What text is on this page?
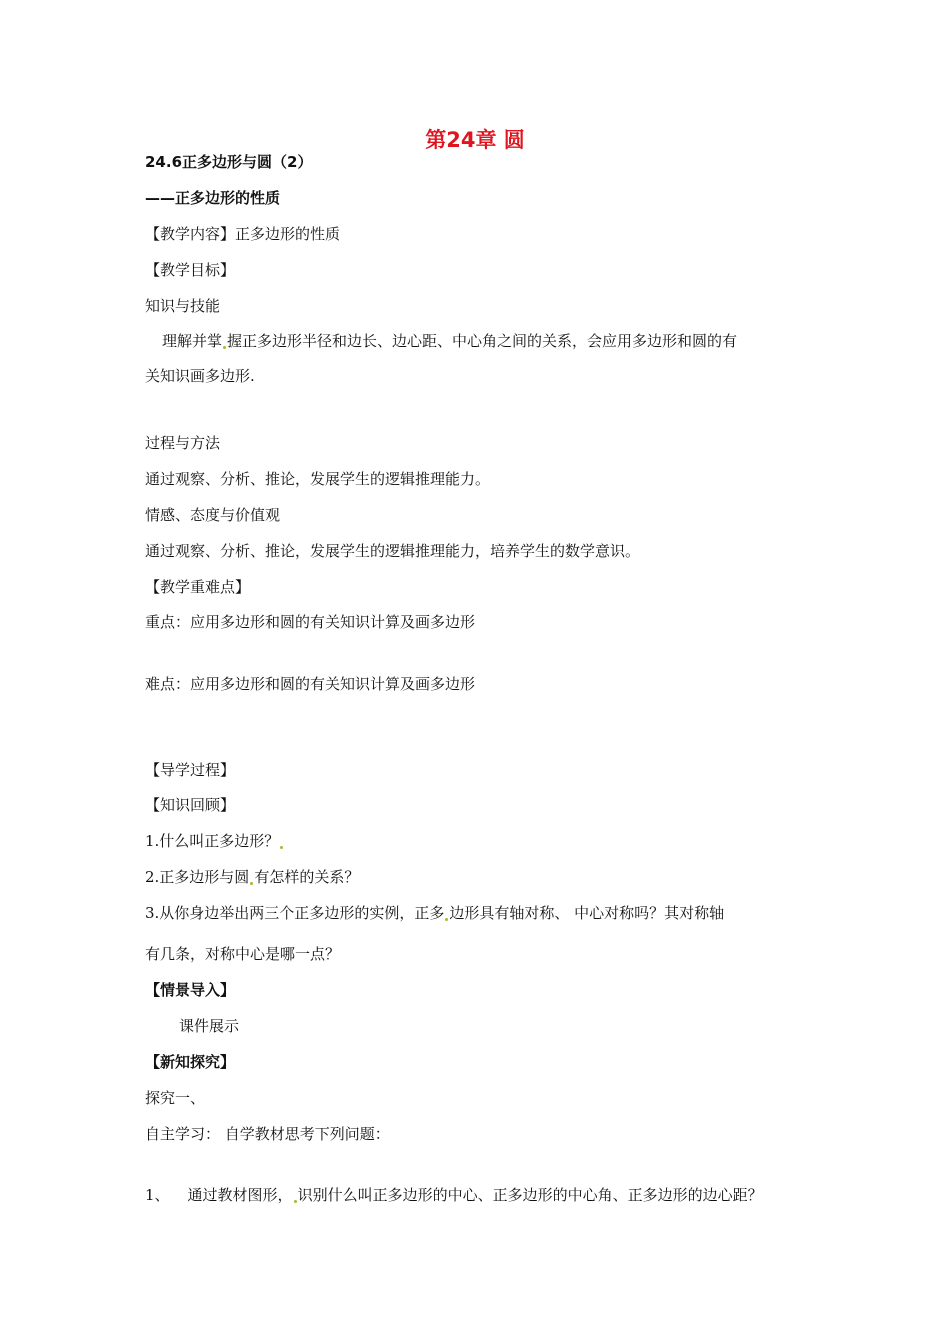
第24章 圆
24.6正多边形与圆（2）
——正多边形的性质
【教学内容】正多边形的性质
【教学目标】
知识与技能
理解并掌 握正多边形半径和边长、边心距、中心角之间的关系，会应用多边形和圆的有
关知识画多边形.
过程与方法
通过观察、分析、推论，发展学生的逻辑推理能力。
情感、态度与价值观
通过观察、分析、推论，发展学生的逻辑推理能力，培养学生的数学意识。
【教学重难点】
重点：应用多边形和圆的有关知识计算及画多边形
难点：应用多边形和圆的有关知识计算及画多边形
【导学过程】
【知识回顾】
1.什么叫正多边形？
2.正多边形与圆 有怎样的关系？
3.从你身边举出两三个正多边形的实例，正多 边形具有轴对称、 中心对称吗？其对称轴
有几条，对称中心是哪一点？
【情景导入】
课件展示
【新知探究】
探究一、
自主学习： 自学教材思考下列问题：
1、 通过教材图形， 识别什么叫正多边形的中心、正多边形的中心角、正多边形的边心距？
